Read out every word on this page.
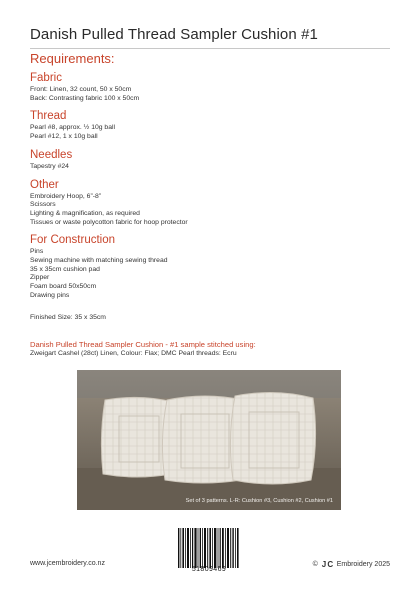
Danish Pulled Thread Sampler Cushion #1
Requirements:
Fabric
Front: Linen, 32 count, 50 x 50cm
Back: Contrasting fabric 100 x 50cm
Thread
Pearl #8, approx. ½ 10g ball
Pearl #12, 1 x 10g ball
Needles
Tapestry #24
Other
Embroidery Hoop, 6”-8”
Scissors
Lighting & magnification, as required
Tissues or waste polycotton fabric for hoop protector
For Construction
Pins
Sewing machine with matching sewing thread
35 x 35cm cushion pad
Zipper
Foam board 50x50cm
Drawing pins
Finished Size: 35 x 35cm
Danish Pulled Thread Sampler Cushion - #1 sample stitched using:
Zweigart Cashel (28ct) Linen, Colour: Flax; DMC Pearl threads: Ecru
Set of 3 patterns. L-R: Cushion #3, Cushion #2, Cushion #1
www.jcembroidery.co.nz
51809469
© J C Embroidery 2025
